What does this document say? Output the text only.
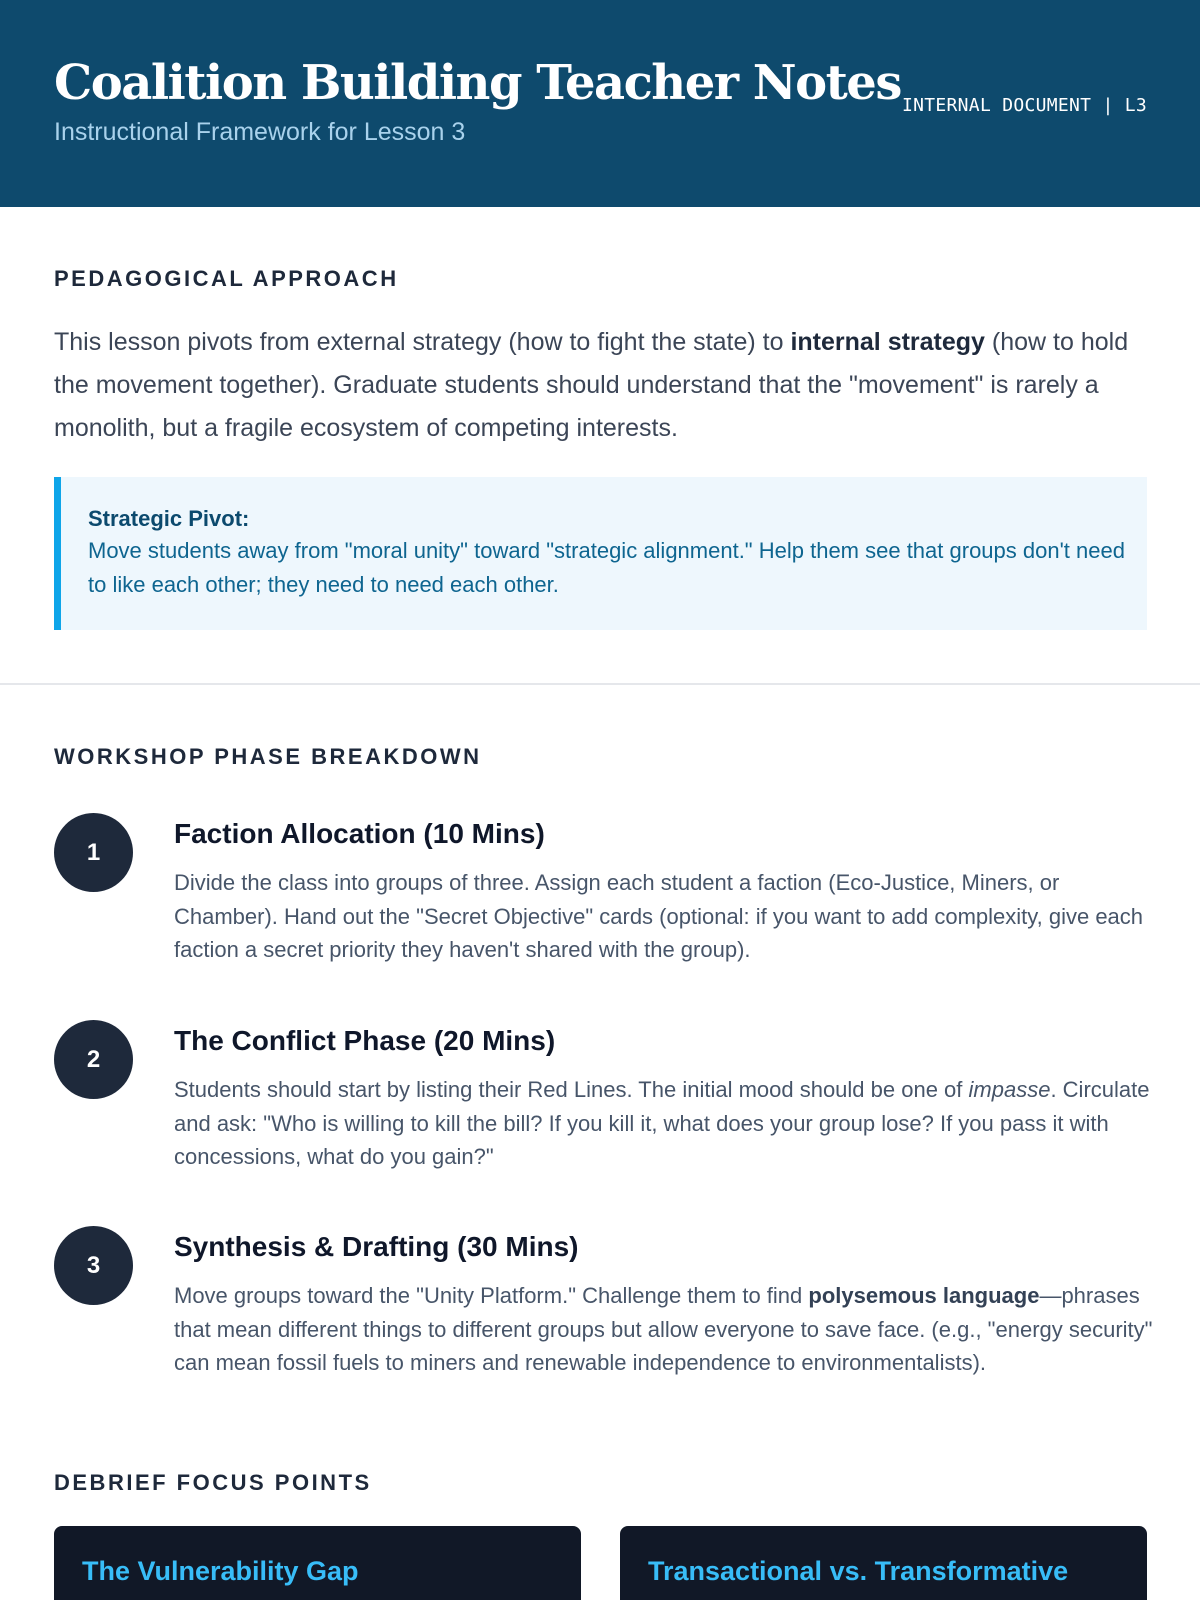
Coalition Building Teacher Notes
Instructional Framework for Lesson 3
INTERNAL DOCUMENT | L3
PEDAGOGICAL APPROACH

This lesson pivots from external strategy (how to fight the state) to internal strategy (how to hold the movement together). Graduate students should understand that the "movement" is rarely a monolith, but a fragile ecosystem of competing interests.

Strategic Pivot:
Move students away from "moral unity" toward "strategic alignment." Help them see that groups don't need to like each other; they need to need each other.
WORKSHOP PHASE BREAKDOWN
1
Faction Allocation (10 Mins)

Divide the class into groups of three. Assign each student a faction (Eco-Justice, Miners, or Chamber). Hand out the "Secret Objective" cards (optional: if you want to add complexity, give each faction a secret priority they haven't shared with the group).

2
The Conflict Phase (20 Mins)

Students should start by listing their Red Lines. The initial mood should be one of impasse. Circulate and ask: "Who is willing to kill the bill? If you kill it, what does your group lose? If you pass it with concessions, what do you gain?"

3
Synthesis & Drafting (30 Mins)

Move groups toward the "Unity Platform." Challenge them to find polysemous language—phrases that mean different things to different groups but allow everyone to save face. (e.g., "energy security" can mean fossil fuels to miners and renewable independence to environmentalists).

DEBRIEF FOCUS POINTS
The Vulnerability Gap	Transactional vs. Transformative
